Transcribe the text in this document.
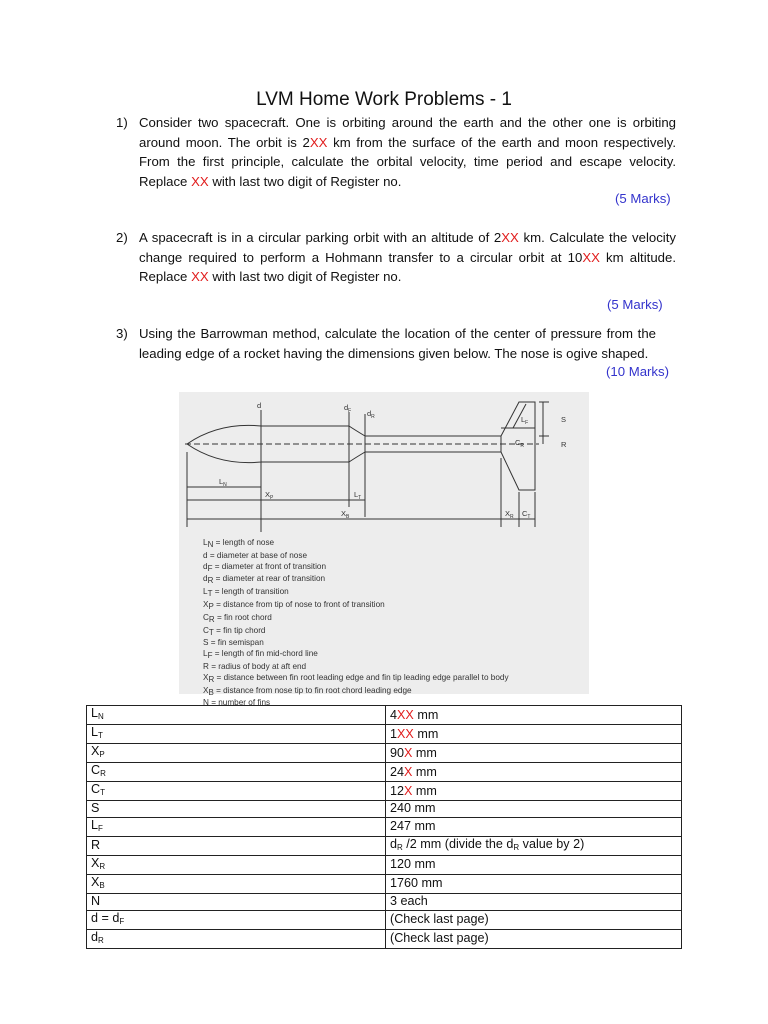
LVM Home Work Problems - 1
1) Consider two spacecraft. One is orbiting around the earth and the other one is orbiting around moon. The orbit is 2XX km from the surface of the earth and moon respectively. From the first principle, calculate the orbital velocity, time period and escape velocity. Replace XX with last two digit of Register no.
(5 Marks)
2) A spacecraft is in a circular parking orbit with an altitude of 2XX km. Calculate the velocity change required to perform a Hohmann transfer to a circular orbit at 10XX km altitude. Replace XX with last two digit of Register no.
(5 Marks)
3) Using the Barrowman method, calculate the location of the center of pressure from the leading edge of a rocket having the dimensions given below. The nose is ogive shaped.
(10 Marks)
d	$d_F$ $d_R$	$L_F$	S
$C_R$	R
$L_N$
$X_P$	$L_T$
$X_B$	$X_R$ $C_T$
$L_N$ = length of nose
d = diameter at base of nose
$d_F$ = diameter at front of transition
$d_R$ = diameter at rear of transition
$L_T$ = length of transition
$X_P$ = distance from tip of nose to front of transition
$C_R$ = fin root chord
$C_T$ = fin tip chord
S = fin semispan
$L_F$ = length of fin mid-chord line
R = radius of body at aft end
$X_R$ = distance between fin root leading edge and fin tip leading edge parallel to body
$X_B$ = distance from nose tip to fin root chord leading edge
N = number of fins
$L_N$	4XX mm
$L_T$	1XX mm
$X_P$	90X mm
$C_R$	24X mm
$C_T$	12X mm
S	240 mm
$L_F$	247 mm
R	$d_R$ /2 mm (divide the $d_R$ value by 2)
$X_R$	120 mm
$X_B$	1760 mm
N	3 each
$d = d_F$	(Check last page)
$d_R$	(Check last page)
